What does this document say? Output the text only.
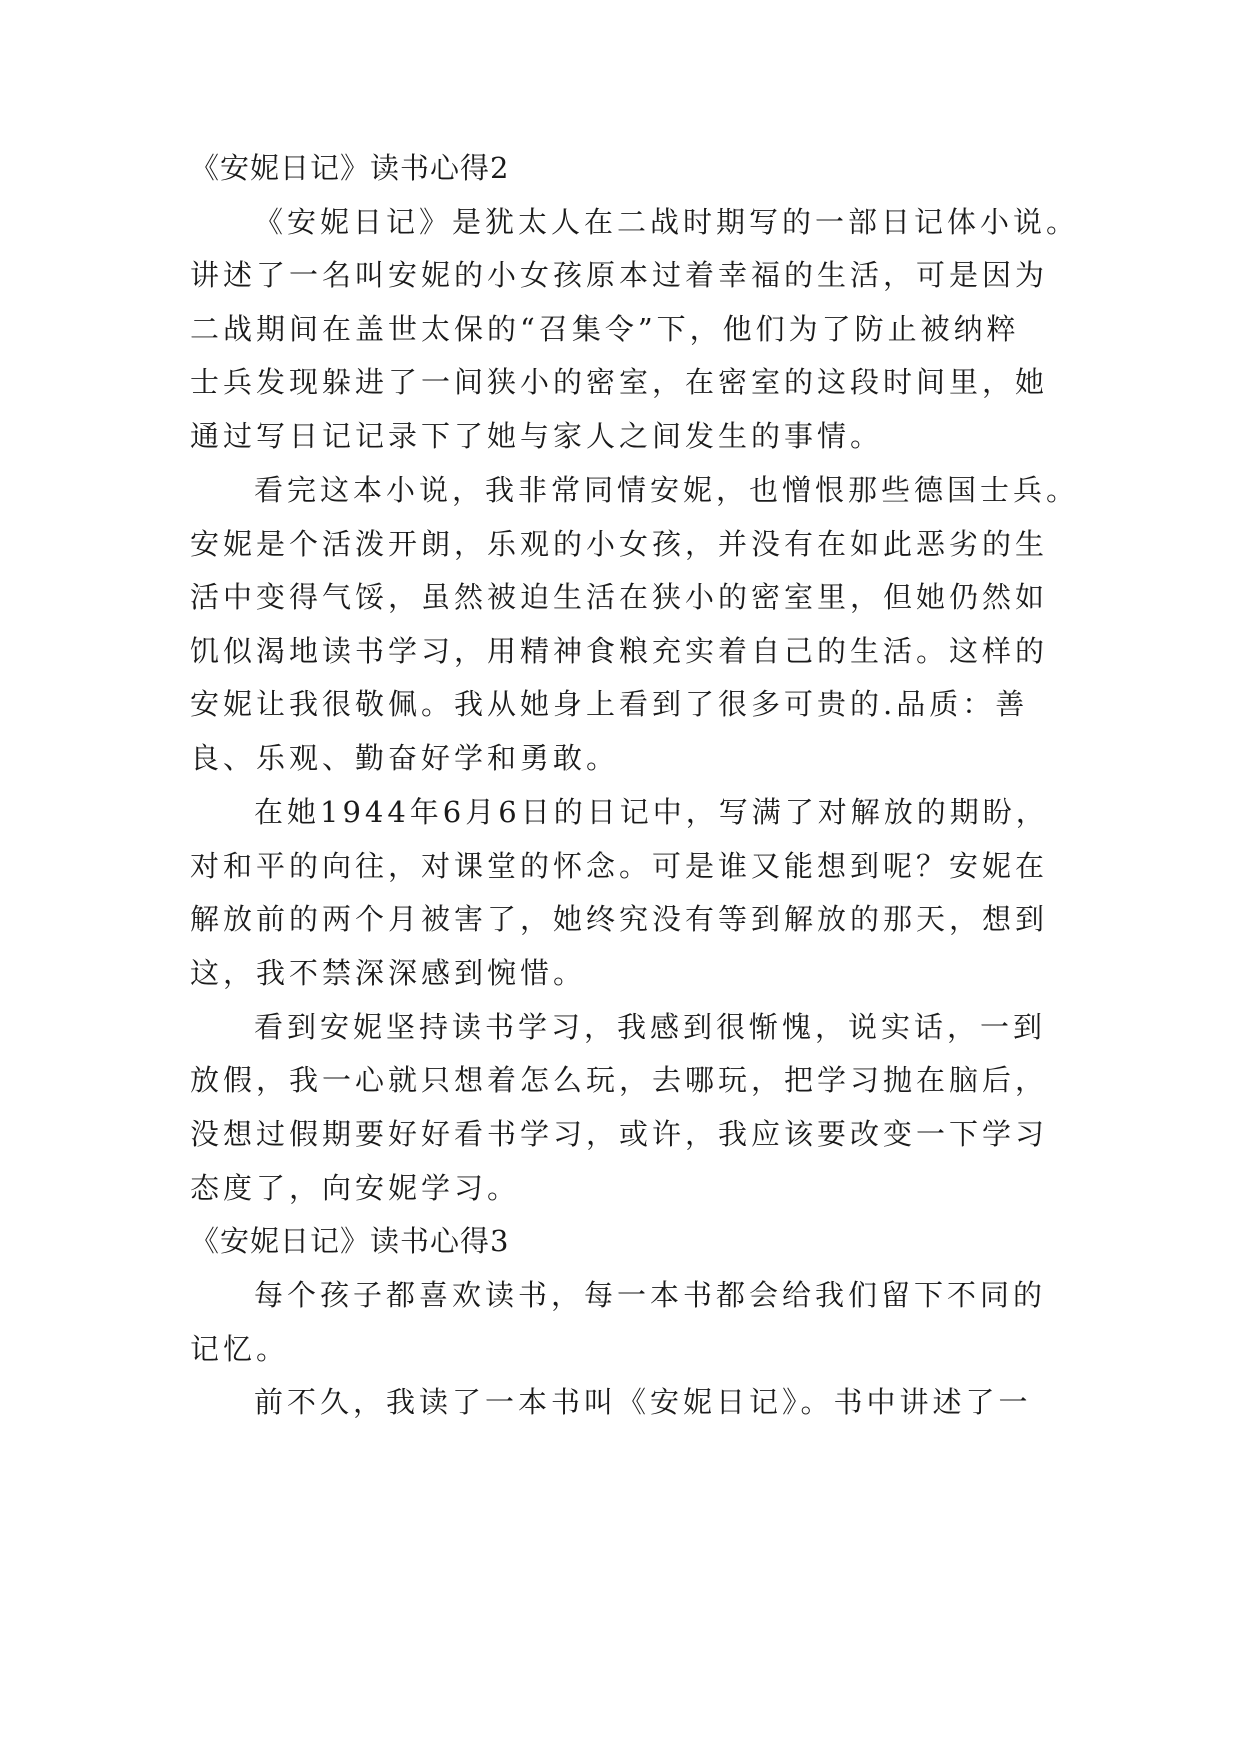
《安妮日记》读书心得2
《安妮日记》是犹太人在二战时期写的一部日记体小说。
讲述了一名叫安妮的小女孩原本过着幸福的生活，可是因为
二战期间在盖世太保的“召集令”下，他们为了防止被纳粹
士兵发现躲进了一间狭小的密室，在密室的这段时间里，她
通过写日记记录下了她与家人之间发生的事情。
看完这本小说，我非常同情安妮，也憎恨那些德国士兵。
安妮是个活泼开朗，乐观的小女孩，并没有在如此恶劣的生
活中变得气馁，虽然被迫生活在狭小的密室里，但她仍然如
饥似渴地读书学习，用精神食粮充实着自己的生活。这样的
安妮让我很敬佩。我从她身上看到了很多可贵的.品质：善
良、乐观、勤奋好学和勇敢。
在她1944年6月6日的日记中，写满了对解放的期盼，
对和平的向往，对课堂的怀念。可是谁又能想到呢？安妮在
解放前的两个月被害了，她终究没有等到解放的那天，想到
这，我不禁深深感到惋惜。
看到安妮坚持读书学习，我感到很惭愧，说实话，一到
放假，我一心就只想着怎么玩，去哪玩，把学习抛在脑后，
没想过假期要好好看书学习，或许，我应该要改变一下学习
态度了，向安妮学习。
《安妮日记》读书心得3
每个孩子都喜欢读书，每一本书都会给我们留下不同的
记忆。
前不久，我读了一本书叫《安妮日记》。书中讲述了一
